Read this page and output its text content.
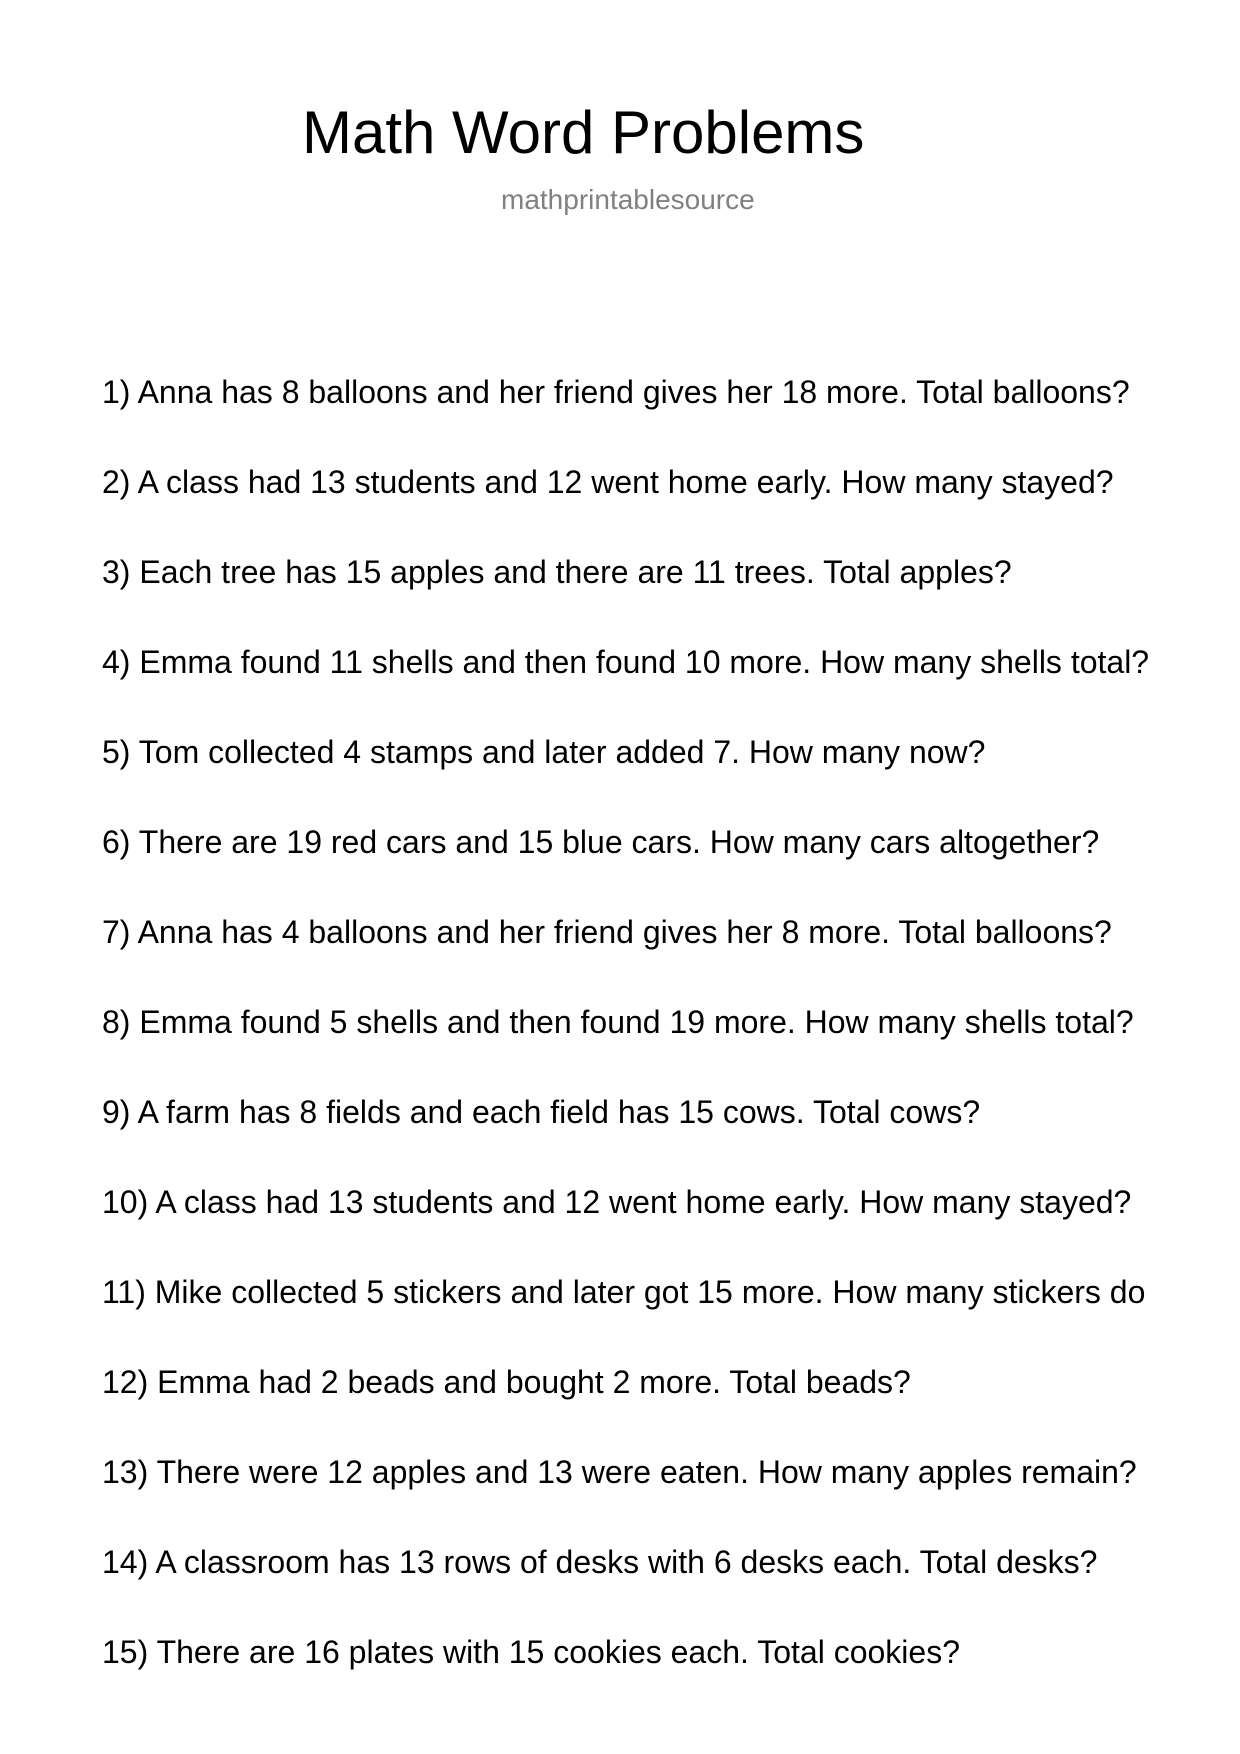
Math Word Problems
mathprintablesource
1) Anna has 8 balloons and her friend gives her 18 more. Total balloons?
2) A class had 13 students and 12 went home early. How many stayed?
3) Each tree has 15 apples and there are 11 trees. Total apples?
4) Emma found 11 shells and then found 10 more. How many shells total?
5) Tom collected 4 stamps and later added 7. How many now?
6) There are 19 red cars and 15 blue cars. How many cars altogether?
7) Anna has 4 balloons and her friend gives her 8 more. Total balloons?
8) Emma found 5 shells and then found 19 more. How many shells total?
9) A farm has 8 fields and each field has 15 cows. Total cows?
10) A class had 13 students and 12 went home early. How many stayed?
11) Mike collected 5 stickers and later got 15 more. How many stickers do
12) Emma had 2 beads and bought 2 more. Total beads?
13) There were 12 apples and 13 were eaten. How many apples remain?
14) A classroom has 13 rows of desks with 6 desks each. Total desks?
15) There are 16 plates with 15 cookies each. Total cookies?
